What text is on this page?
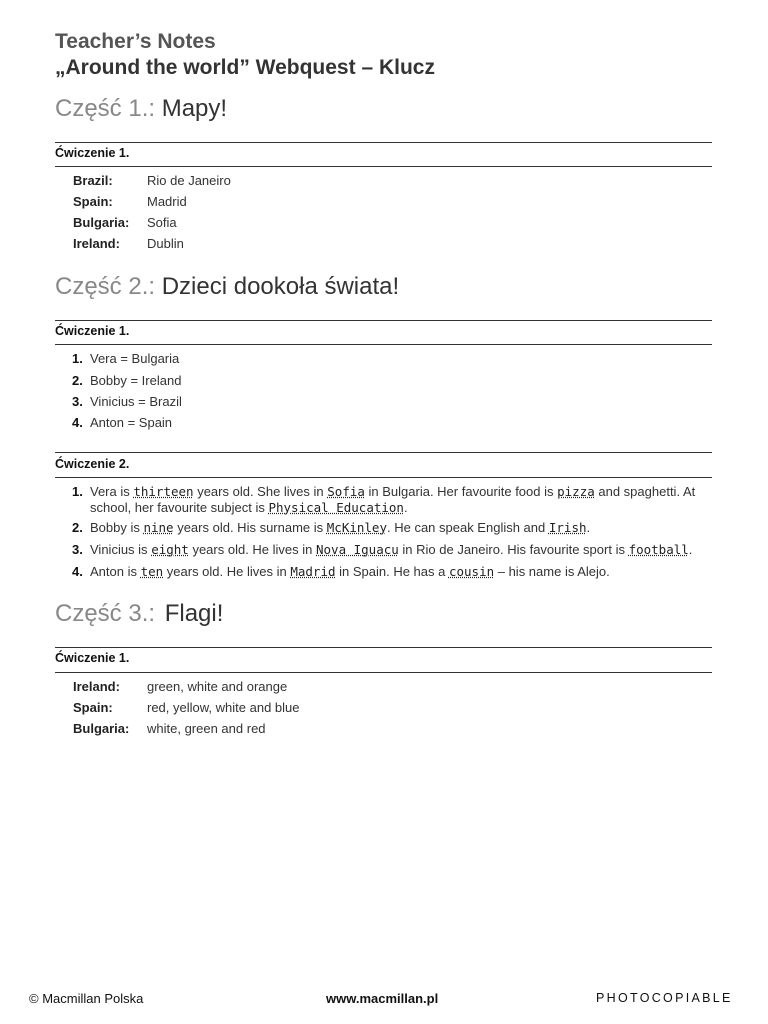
Teacher’s Notes
„Around the world” Webquest – Klucz
Część 1.: Mapy!
Ćwiczenie 1.
Brazil:	Rio de Janeiro
Spain:	Madrid
Bulgaria: Sofia
Ireland: Dublin
Część 2.: Dzieci dookoła świata!
Ćwiczenie 1.
1. Vera = Bulgaria
2. Bobby = Ireland
3. Vinicius = Brazil
4. Anton = Spain
Ćwiczenie 2.
1. Vera is thirteen years old. She lives in Sofia in Bulgaria. Her favourite food is pizza and spaghetti. At school, her favourite subject is Physical Education.
2. Bobby is nine years old. His surname is McKinley. He can speak English and Irish.
3. Vinicius is eight years old. He lives in Nova Iguacu in Rio de Janeiro. His favourite sport is football.
4. Anton is ten years old. He lives in Madrid in Spain. He has a cousin – his name is Alejo.
Część 3.: Flagi!
Ćwiczenie 1.
Ireland: green, white and orange
Spain:	red, yellow, white and blue
Bulgaria: white, green and red
© Macmillan Polska	www.macmillan.pl	PHOTOCOPIABLE
